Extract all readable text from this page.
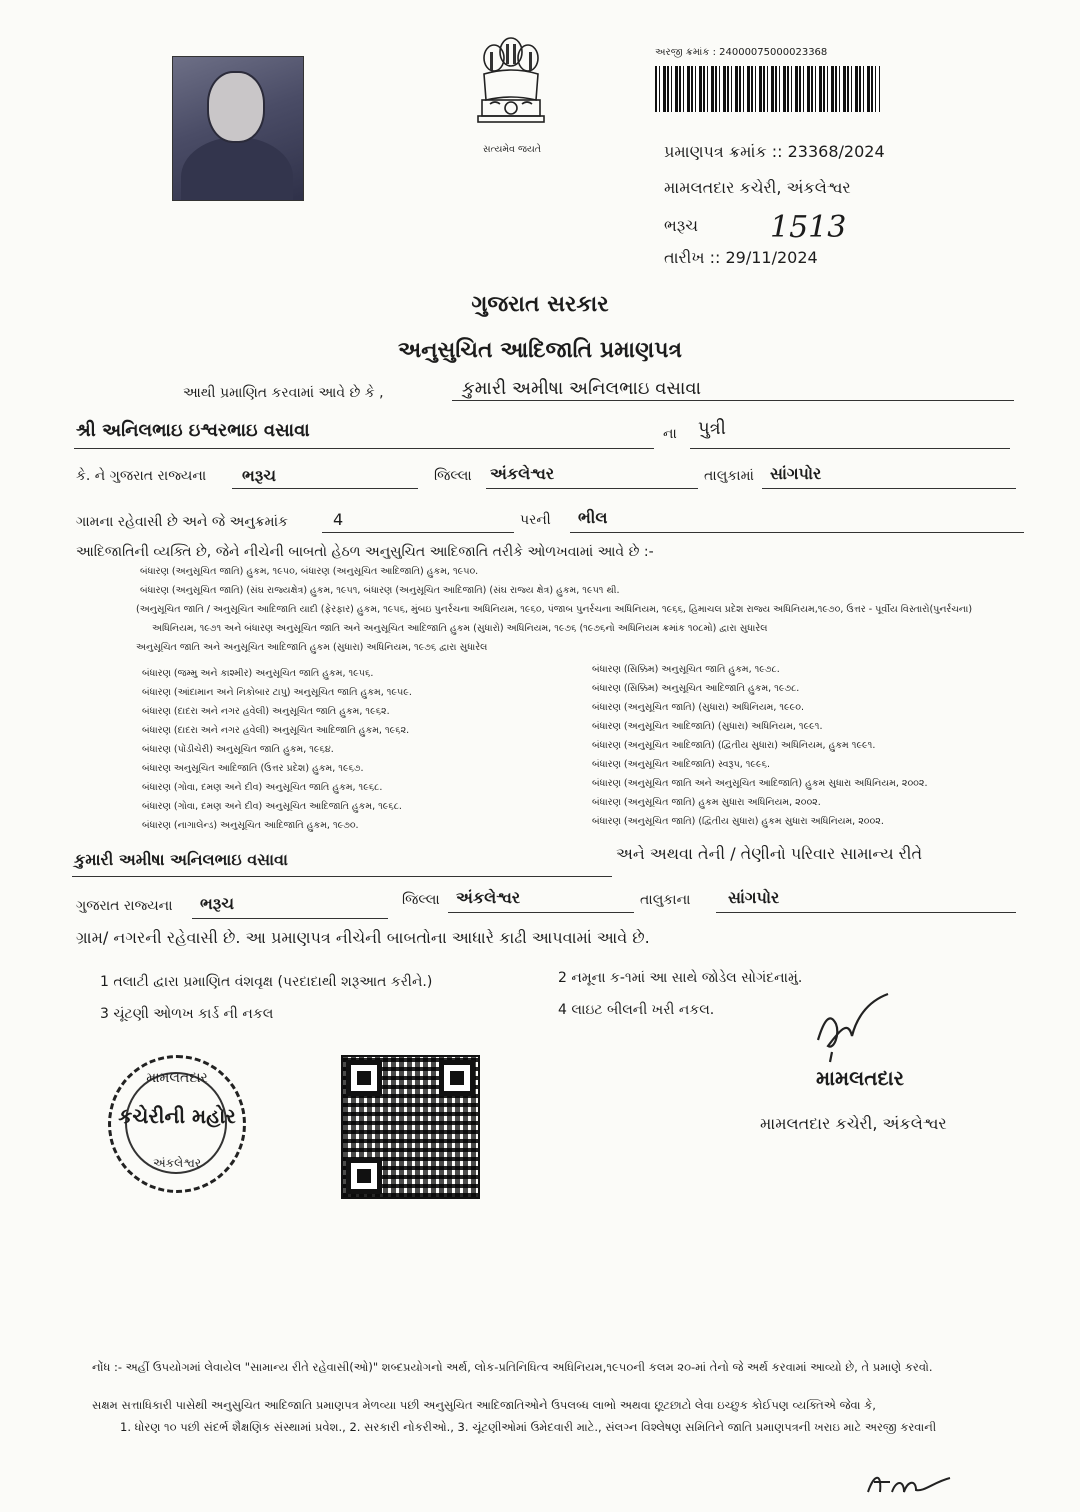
સત્યમેવ જયતે
અરજી ક્રમાંક : 24000075000023368
પ્રમાણપત્ર ક્રમાંક :: 23368/2024
મામલતદાર કચેરી, અંકલેશ્વર
ભરૂચ 1513
તારીખ :: 29/11/2024
ગુજરાત સરકાર
અનુસુચિત આદિજાતિ પ્રમાણપત્ર
આથી પ્રમાણિત કરવામાં આવે છે કે ,	કુમારી અમીષા અનિલભાઇ વસાવા
શ્રી અનિલભાઇ ઇશ્વરભાઇ વસાવા	ના પુત્રી
કે. ને ગુજરાત રાજ્યના ભરૂચ	જિલ્લા અંકલેશ્વર	તાલુકામાં સાંગપોર
ગામના રહેવાસી છે અને જે અનુક્રમાંક	4	પરની ભીલ
આદિજાતિની વ્યક્તિ છે, જેને નીચેની બાબતો હેઠળ અનુસુચિત આદિજાતિ તરીકે ઓળખવામાં આવે છે :-
બંધારણ (અનુસૂચિત જાતિ) હુકમ, ૧૯૫૦, બંધારણ (અનુસૂચિત આદિજાતિ) હુકમ, ૧૯૫૦.
બંધારણ (અનુસૂચિત જાતિ) (સંઘ રાજ્યક્ષેત્ર) હુકમ, ૧૯૫૧, બંધારણ (અનુસૂચિત આદિજાતિ) (સંઘ રાજ્ય ક્ષેત્ર) હુકમ, ૧૯૫૧ થી.
(અનુસૂચિત જાતિ / અનુસૂચિત આદિજાતિ યાદી (ફેરફાર) હુકમ, ૧૯૫૬, મુંબઇ પુનર્રચના અધિનિયમ, ૧૯૬૦, પંજાબ પુનર્રચના અધિનિયમ, ૧૯૬૬, હિમાચલ પ્રદેશ રાજ્ય અધિનિયમ,૧૯૭૦, ઉત્તર - પૂર્વીય વિસ્તારો(પુનર્રચના)
અધિનિયમ, ૧૯૭૧ અને બંધારણ અનુસૂચિત જાતિ અને અનુસૂચિત આદિજાતિ હુકમ (સુધારો) અધિનિયમ, ૧૯૭૬ (૧૯૭૬નો અધિનિયમ ક્રમાંક ૧૦૮મો) દ્વારા સુધારેલ
અનુસૂચિત જાતિ અને અનુસૂચિત આદિજાતિ હુકમ (સુધારા) અધિનિયમ, ૧૯૭૬ દ્વારા સુધારેલ
બંધારણ (જમ્મુ અને કાશ્મીર) અનુસૂચિત જાતિ હુકમ, ૧૯૫૬.
બંધારણ (આંદામાન અને નિકોબાર ટાપુ) અનુસૂચિત જાતિ હુકમ, ૧૯૫૯.
બંધારણ (દાદરા અને નગર હવેલી) અનુસૂચિત જાતિ હુકમ, ૧૯૬૨.
બંધારણ (દાદરા અને નગર હવેલી) અનુસૂચિત આદિજાતિ હુકમ, ૧૯૬૨.
બંધારણ (પોંડીચેરી) અનુસૂચિત જાતિ હુકમ, ૧૯૬૪.
બંધારણ અનુસૂચિત આદિજાતિ (ઉત્તર પ્રદેશ) હુકમ, ૧૯૬૭.
બંધારણ (ગોવા, દમણ અને દીવ) અનુસૂચિત જાતિ હુકમ, ૧૯૬૮.
બંધારણ (ગોવા, દમણ અને દીવ) અનુસૂચિત આદિજાતિ હુકમ, ૧૯૬૮.
બંધારણ (નાગાલેન્ડ) અનુસૂચિત આદિજાતિ હુકમ, ૧૯૭૦.
બંધારણ (સિક્કિમ) અનુસૂચિત જાતિ હુકમ, ૧૯૭૮.
બંધારણ (સિક્કિમ) અનુસૂચિત આદિજાતિ હુકમ, ૧૯૭૮.
બંધારણ (અનુસૂચિત જાતિ) (સુધારા) અધિનિયમ, ૧૯૯૦.
બંધારણ (અનુસૂચિત આદિજાતિ) (સુધારા) અધિનિયમ, ૧૯૯૧.
બંધારણ (અનુસૂચિત આદિજાતિ) (દ્વિતીય સુધારા) અધિનિયમ, હુકમ ૧૯૯૧.
બંધારણ (અનુસૂચિત આદિજાતિ) સ્વરૂપ, ૧૯૯૬.
બંધારણ (અનુસૂચિત જાતિ અને અનુસૂચિત આદિજાતિ) હુકમ સુધારા અધિનિયમ, ૨૦૦૨.
બંધારણ (અનુસૂચિત જાતિ) હુકમ સુધારા અધિનિયમ, ૨૦૦૨.
બંધારણ (અનુસૂચિત જાતિ) (દ્વિતીય સુધારા) હુકમ સુધારા અધિનિયમ, ૨૦૦૨.
કુમારી અમીષા અનિલભાઇ વસાવા	અને અથવા તેની / તેણીનો પરિવાર સામાન્ય રીતે
ગુજરાત રાજ્યના ભરૂચ	જિલ્લા અંકલેશ્વર	તાલુકાના સાંગપોર
ગ્રામ/ નગરની રહેવાસી છે. આ પ્રમાણપત્ર નીચેની બાબતોના આધારે કાઢી આપવામાં આવે છે.
1 તલાટી દ્વારા પ્રમાણિત વંશવૃક્ષ (પરદાદાથી શરૂઆત કરીને.)	2 નમૂના ક-૧માં આ સાથે જોડેલ સોગંદનામું.
3 ચૂંટણી ઓળખ કાર્ડ ની નકલ	4 લાઇટ બીલની ખરી નકલ.
મામલતદાર
કચેરીની મહોર
અંકલેશ્વર
મામલતદાર
મામલતદાર કચેરી, અંકલેશ્વર
નોંધ :- અહીં ઉપયોગમાં લેવાયેલ "સામાન્ય રીતે રહેવાસી(ઓ)" શબ્દપ્રયોગનો અર્થ, લોક-પ્રતિનિધિત્વ અધિનિયમ,૧૯૫૦ની કલમ ૨૦-માં તેનો જે અર્થ કરવામાં આવ્યો છે, તે પ્રમાણે કરવો.
સક્ષમ સત્તાધિકારી પાસેથી અનુસુચિત આદિજાતિ પ્રમાણપત્ર મેળવ્યા પછી અનુસુચિત આદિજાતિઓને ઉપલબ્ધ લાભો અથવા છૂટછાટો લેવા ઇચ્છુક કોઈપણ વ્યક્તિએ જેવા કે,
1. ધોરણ ૧૦ પછી સંદર્ભ શૈક્ષણિક સંસ્થામાં પ્રવેશ., 2. સરકારી નોકરીઓ., 3. ચૂંટણીઓમાં ઉમેદવારી માટે., સંલગ્ન વિશ્લેષણ સમિતિને જાતિ પ્રમાણપત્રની ખરાઇ માટે અરજી કરવાની
